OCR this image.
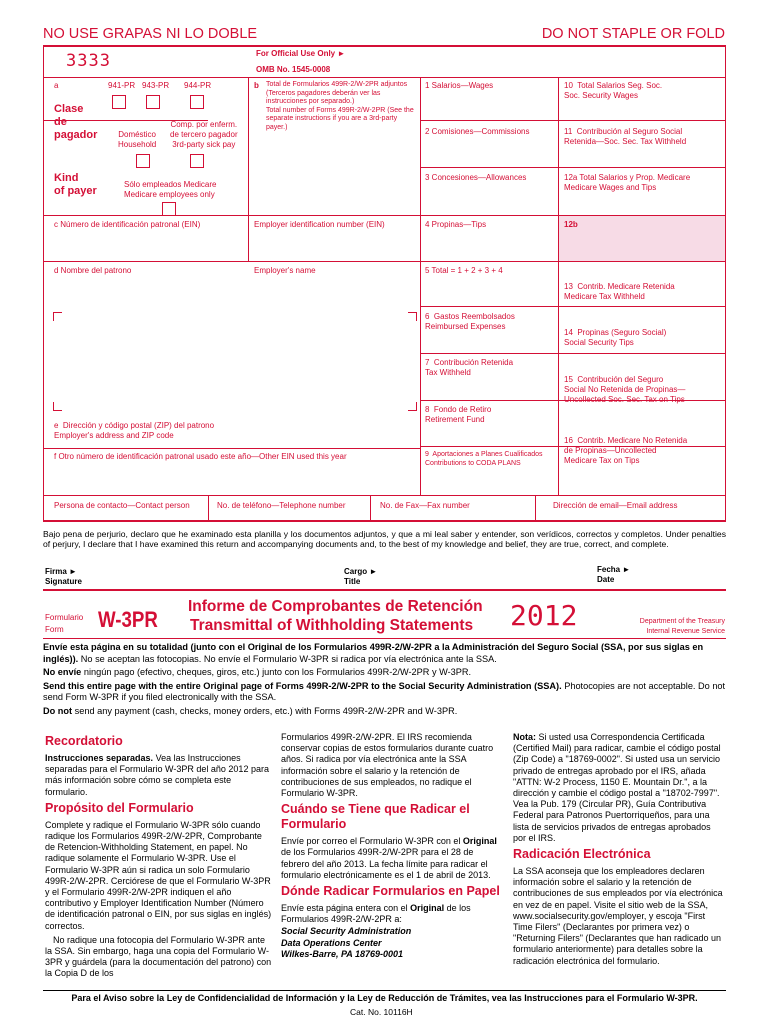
NO USE GRAPAS NI LO DOBLE	DO NOT STAPLE OR FOLD
3333	For Official Use Only ►
OMB No. 1545-0008
a	941-PR 943-PR 944-PR
Clase
de
pagador	Doméstico
Household
Comp. por enferm.
de tercero pagador
3rd-party sick pay
Kind
of payer
Sólo empleados Medicare
Medicare employees only
b Total de Formularios 499R-2/W-2PR adjuntos (Terceros pagadores deberán ver las instrucciones por separado.)
Total number of Forms 499R-2/W-2PR (See the separate instructions if you are a 3rd-party payer.)
1 Salarios—Wages
2 Comisiones—Commissions
3 Concesiones—Allowances
4 Propinas—Tips
5 Total = 1 + 2 + 3 + 4
6  Gastos Reembolsados
Reimbursed Expenses
7  Contribución Retenida
Tax Withheld
8  Fondo de Retiro
Retirement Fund
9  Aportaciones a Planes Cualificados
Contributions to CODA PLANS
10  Total Salarios Seg. Soc.
Soc. Security Wages
11  Contribución al Seguro Social
Retenida—Soc. Sec. Tax Withheld
12a Total Salarios y Prop. Medicare
Medicare Wages and Tips
12b
13  Contrib. Medicare Retenida
Medicare Tax Withheld
14  Propinas (Seguro Social)
Social Security Tips
15  Contribución del Seguro
Social No Retenida de Propinas—
Uncollected Soc. Sec. Tax on Tips
16  Contrib. Medicare No Retenida
de Propinas—Uncollected
Medicare Tax on Tips
c Número de identificación patronal (EIN)	Employer identification number (EIN)
d Nombre del patrono	Employer's name
e  Dirección y código postal (ZIP) del patrono
Employer's address and ZIP code
f Otro número de identificación patronal usado este año—Other EIN used this year
Persona de contacto—Contact person	No. de teléfono—Telephone number	No. de Fax—Fax number	Dirección de email—Email address
Bajo pena de perjurio, declaro que he examinado esta planilla y los documentos adjuntos, y que a mi leal saber y entender, son verídicos, correctos y completos. Under penalties of perjury, I declare that I have examined this return and accompanying documents and, to the best of my knowledge and belief, they are true, correct, and complete.
Firma ►
Signature
Cargo ►
Title
Fecha ►
Date
Formulario
Form W-3PR
Informe de Comprobantes de Retención
Transmittal of Withholding Statements 2012	Department of the Treasury
Internal Revenue Service

Envíe esta página en su totalidad (junto con el Original de los Formularios 499R-2/W-2PR a la Administración del Seguro Social (SSA, por sus siglas en inglés)). No se aceptan las fotocopias. No envíe el Formulario W-3PR si radica por vía electrónica ante la SSA.

No envíe ningún pago (efectivo, cheques, giros, etc.) junto con los Formularios 499R-2/W-2PR y W-3PR.

Send this entire page with the entire Original page of Forms 499R-2/W-2PR to the Social Security Administration (SSA). Photocopies are not acceptable. Do not send Form W-3PR if you filed electronically with the SSA.

Do not send any payment (cash, checks, money orders, etc.) with Forms 499R-2/W-2PR and W-3PR.

Recordatorio

Instrucciones separadas. Vea las Instrucciones separadas para el Formulario W-3PR del año 2012 para más información sobre cómo se completa este formulario.

Propósito del Formulario

Complete y radique el Formulario W-3PR sólo cuando radique los Formularios 499R-2/W-2PR, Comprobante de Retencion-Withholding Statement, en papel. No radique solamente el Formulario W-3PR. Use el Formulario W-3PR aún si radica un solo Formulario 499R-2/W-2PR. Cerciórese de que el Formulario W-3PR y el Formulario 499R-2/W-2PR indiquen el año contributivo y Employer Identification Number (Número de identificación patronal o EIN, por sus siglas en inglés) correctos.

No radique una fotocopia del Formulario W-3PR ante la SSA. Sin embargo, haga una copia del Formulario W-3PR y guárdela (para la documentación del patrono) con la Copia D de los

Formularios 499R-2/W-2PR. El IRS recomienda conservar copias de estos formularios durante cuatro años. Si radica por vía electrónica ante la SSA información sobre el salario y la retención de contribuciones de sus empleados, no radique el Formulario W-3PR.

Cuándo se Tiene que Radicar el Formulario

Envíe por correo el Formulario W-3PR con el Original de los Formularios 499R-2/W-2PR para el 28 de febrero del año 2013. La fecha límite para radicar el formulario electrónicamente es el 1 de abril de 2013.

Dónde Radicar Formularios en Papel

Envíe esta página entera con el Original de los Formularios 499R-2/W-2PR a:

Social Security Administration
Data Operations Center
Wilkes-Barre, PA 18769-0001

Nota: Si usted usa Correspondencia Certificada (Certified Mail) para radicar, cambie el código postal (Zip Code) a "18769-0002". Si usted usa un servicio privado de entregas aprobado por el IRS, añada "ATTN: W-2 Process, 1150 E. Mountain Dr.", a la dirección y cambie el código postal a "18702-7997". Vea la Pub. 179 (Circular PR), Guía Contributiva Federal para Patronos Puertorriqueños, para una lista de servicios privados de entregas aprobados por el IRS.

Radicación Electrónica

La SSA aconseja que los empleadores declaren información sobre el salario y la retención de contribuciones de sus empleados por vía electrónica en vez de en papel. Visite el sitio web de la SSA, www.socialsecurity.gov/employer, y escoja "First Time Filers" (Declarantes por primera vez) o "Returning Filers" (Declarantes que han radicado un formulario anteriormente) para detalles sobre la radicación electrónica del formulario.

Para el Aviso sobre la Ley de Confidencialidad de Información y la Ley de Reducción de Trámites, vea las Instrucciones para el Formulario W-3PR.
Cat. No. 10116H
